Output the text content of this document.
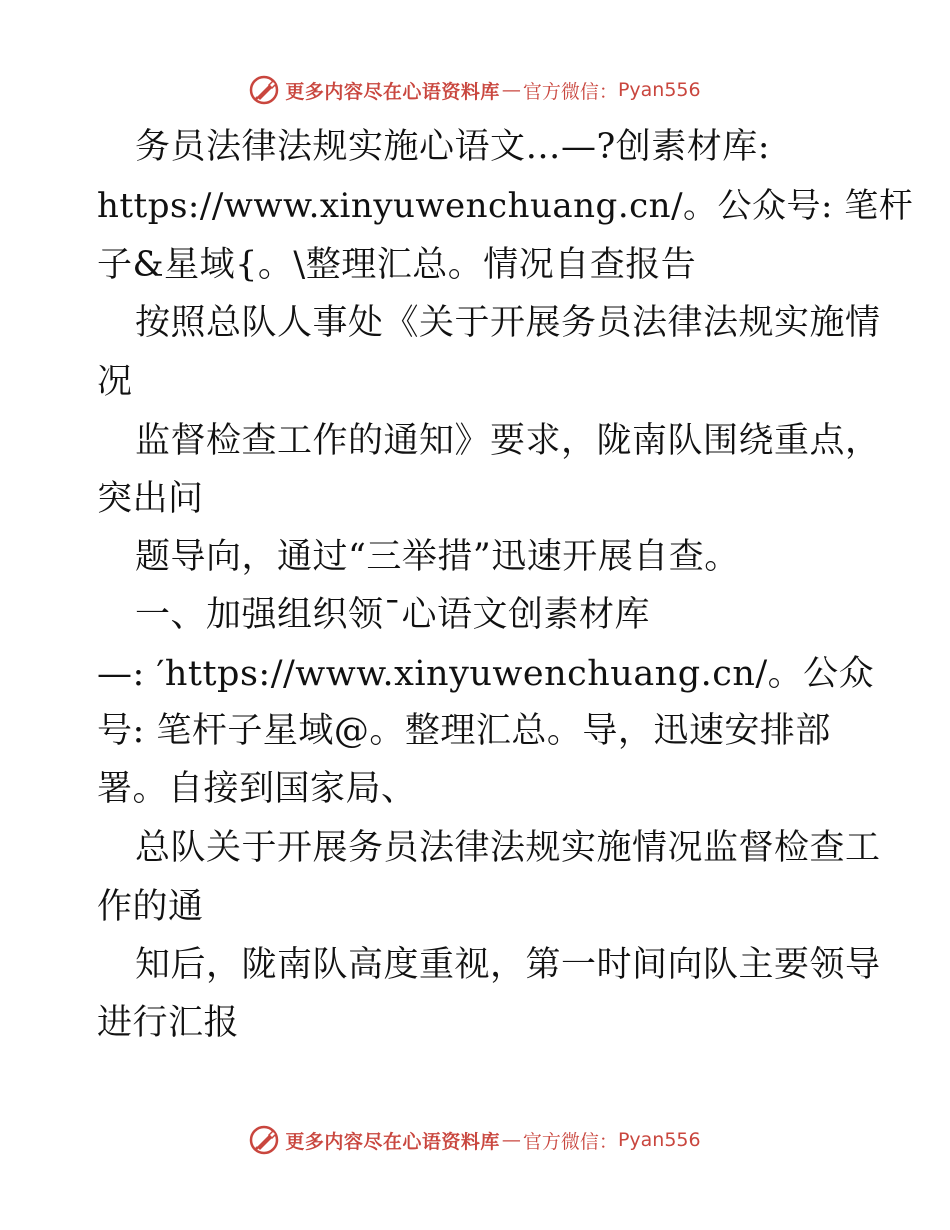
更多内容尽在心语资料库 — 官方微信： Pyan556
务员法律法规实施心语文…—?创素材库:
https://www.xinyuwenchuang.cn/。公众号: 笔杆
子&星域{。\整理汇总。情况自查报告
按照总队人事处《关于开展务员法律法规实施情
况
监督检查工作的通知》要求，陇南队围绕重点，
突出问
题导向，通过“三举措”迅速开展自查。
一、加强组织领¯心语文创素材库
—: ′https://www.xinyuwenchuang.cn/。公众
号: 笔杆子星域@。整理汇总。导，迅速安排部
署。自接到国家局、
总队关于开展务员法律法规实施情况监督检查工
作的通
知后，陇南队高度重视，第一时间向队主要领导
进行汇报
更多内容尽在心语资料库 — 官方微信： Pyan556
